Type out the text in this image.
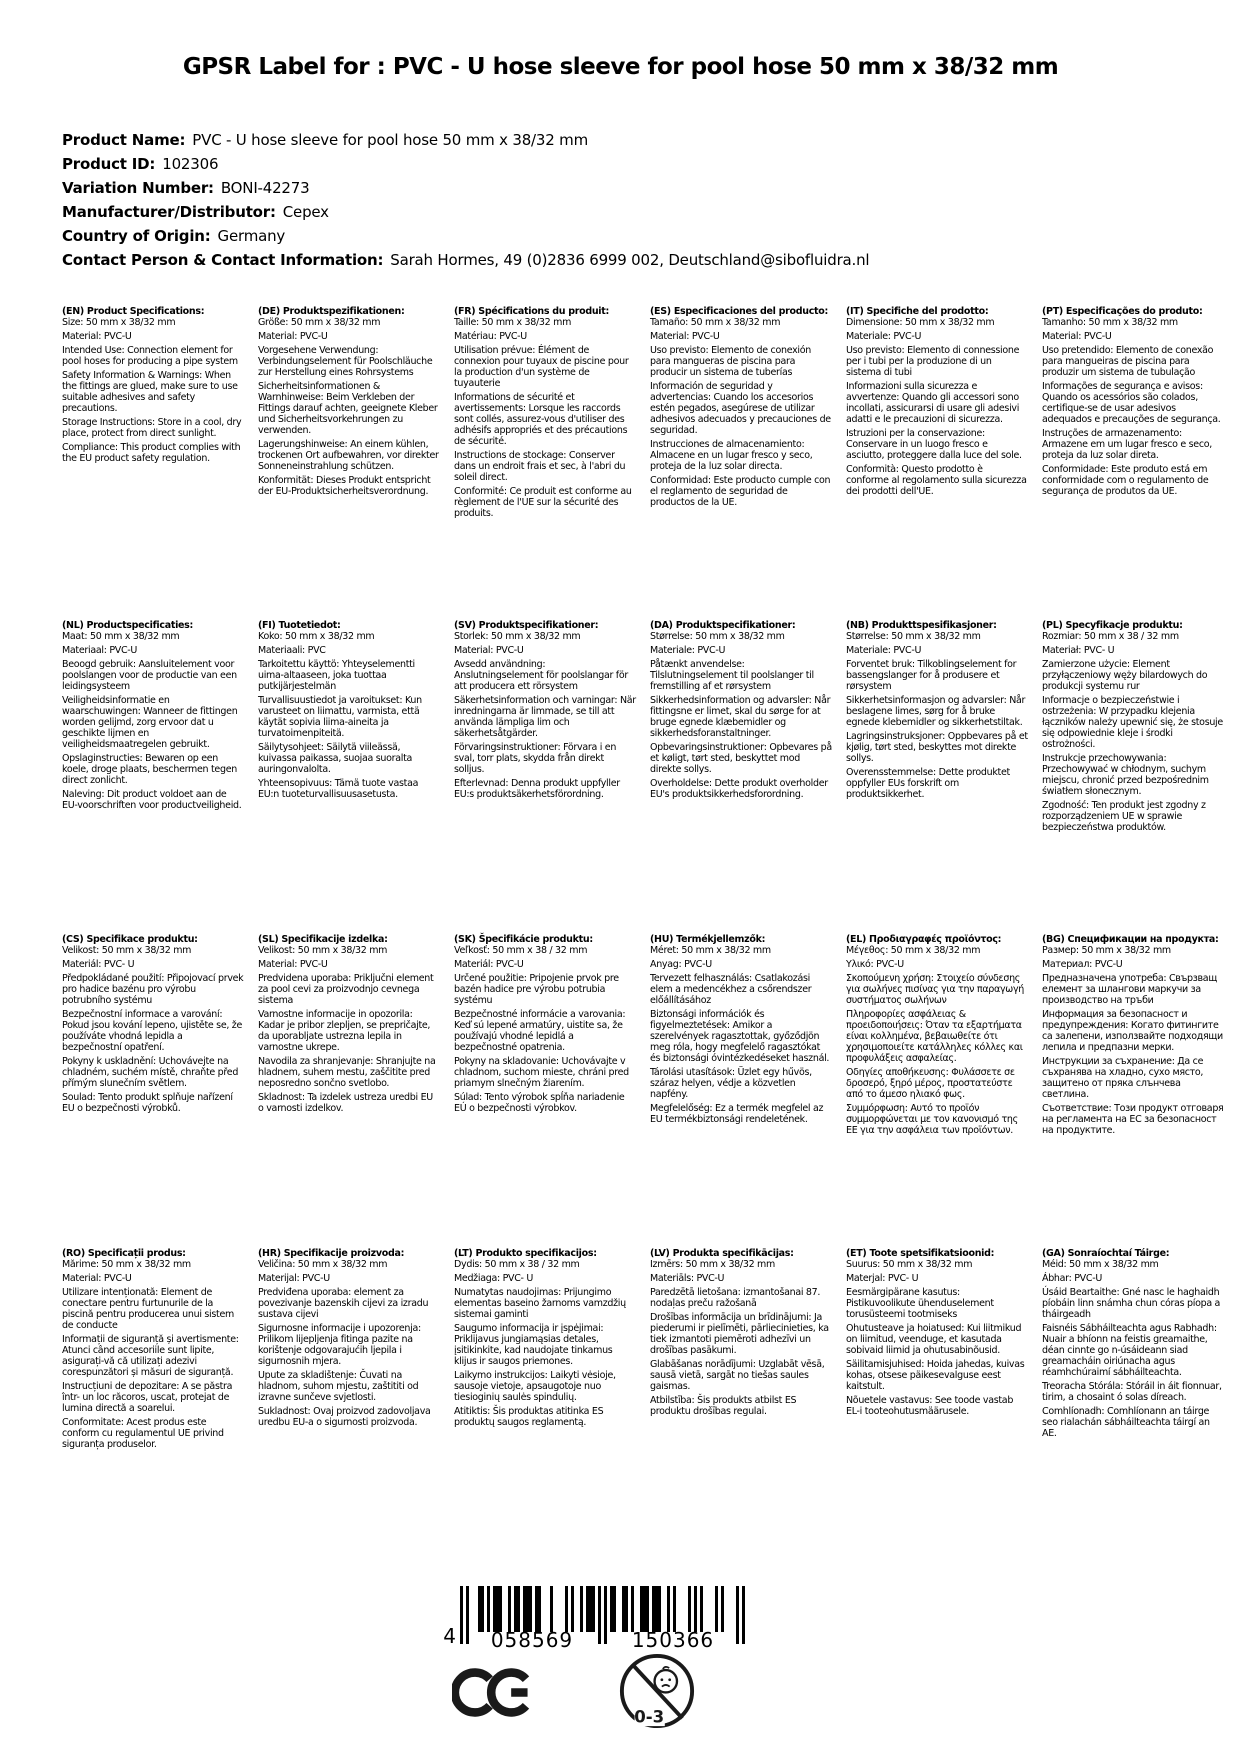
GPSR Label for : PVC - U hose sleeve for pool hose 50 mm x 38/32 mm
Product Name: PVC - U hose sleeve for pool hose 50 mm x 38/32 mm
Product ID: 102306
Variation Number: BONI-42273
Manufacturer/Distributor: Cepex
Country of Origin: Germany
Contact Person & Contact Information: Sarah Hormes, 49 (0)2836 6999 002, Deutschland@sibofluidra.nl
(EN) Product Specifications:

Size: 50 mm x 38/32 mm

Material: PVC-U

Intended Use: Connection element for pool hoses for producing a pipe system

Safety Information & Warnings: When the fittings are glued, make sure to use suitable adhesives and safety precautions.

Storage Instructions: Store in a cool, dry place, protect from direct sunlight.

Compliance: This product complies with the EU product safety regulation.

(DE) Produktspezifikationen:

Größe: 50 mm x 38/32 mm

Material: PVC-U

Vorgesehene Verwendung: Verbindungselement für Poolschläuche zur Herstellung eines Rohrsystems

Sicherheitsinformationen & Warnhinweise: Beim Verkleben der Fittings darauf achten, geeignete Kleber und Sicherheitsvorkehrungen zu verwenden.

Lagerungshinweise: An einem kühlen, trockenen Ort aufbewahren, vor direkter Sonneneinstrahlung schützen.

Konformität: Dieses Produkt entspricht der EU-Produktsicherheitsverordnung.

(FR) Spécifications du produit:

Taille: 50 mm x 38/32 mm

Matériau: PVC-U

Utilisation prévue: Élément de connexion pour tuyaux de piscine pour la production d'un système de tuyauterie

Informations de sécurité et avertissements: Lorsque les raccords sont collés, assurez-vous d'utiliser des adhésifs appropriés et des précautions de sécurité.

Instructions de stockage: Conserver dans un endroit frais et sec, à l'abri du soleil direct.

Conformité: Ce produit est conforme au règlement de l'UE sur la sécurité des produits.

(ES) Especificaciones del producto:

Tamaño: 50 mm x 38/32 mm

Material: PVC-U

Uso previsto: Elemento de conexión para mangueras de piscina para producir un sistema de tuberías

Información de seguridad y advertencias: Cuando los accesorios estén pegados, asegúrese de utilizar adhesivos adecuados y precauciones de seguridad.

Instrucciones de almacenamiento: Almacene en un lugar fresco y seco, proteja de la luz solar directa.

Conformidad: Este producto cumple con el reglamento de seguridad de productos de la UE.

(IT) Specifiche del prodotto:

Dimensione: 50 mm x 38/32 mm

Materiale: PVC-U

Uso previsto: Elemento di connessione per i tubi per la produzione di un sistema di tubi

Informazioni sulla sicurezza e avvertenze: Quando gli accessori sono incollati, assicurarsi di usare gli adesivi adatti e le precauzioni di sicurezza.

Istruzioni per la conservazione: Conservare in un luogo fresco e asciutto, proteggere dalla luce del sole.

Conformità: Questo prodotto è conforme al regolamento sulla sicurezza dei prodotti dell'UE.

(PT) Especificações do produto:

Tamanho: 50 mm x 38/32 mm

Material: PVC-U

Uso pretendido: Elemento de conexão para mangueiras de piscina para produzir um sistema de tubulação

Informações de segurança e avisos: Quando os acessórios são colados, certifique-se de usar adesivos adequados e precauções de segurança.

Instruções de armazenamento: Armazene em um lugar fresco e seco, proteja da luz solar direta.

Conformidade: Este produto está em conformidade com o regulamento de segurança de produtos da UE.

(NL) Productspecificaties:

Maat: 50 mm x 38/32 mm

Materiaal: PVC-U

Beoogd gebruik: Aansluitelement voor poolslangen voor de productie van een leidingsysteem

Veiligheidsinformatie en waarschuwingen: Wanneer de fittingen worden gelijmd, zorg ervoor dat u geschikte lijmen en veiligheidsmaatregelen gebruikt.

Opslaginstructies: Bewaren op een koele, droge plaats, beschermen tegen direct zonlicht.

Naleving: Dit product voldoet aan de EU-voorschriften voor productveiligheid.

(FI) Tuotetiedot:

Koko: 50 mm x 38/32 mm

Materiaali: PVC

Tarkoitettu käyttö: Yhteyselementti uima-altaaseen, joka tuottaa putkijärjestelmän

Turvallisuustiedot ja varoitukset: Kun varusteet on liimattu, varmista, että käytät sopivia liima-aineita ja turvatoimenpiteitä.

Säilytysohjeet: Säilytä viileässä, kuivassa paikassa, suojaa suoralta auringonvalolta.

Yhteensopivuus: Tämä tuote vastaa EU:n tuoteturvallisuusasetusta.

(SV) Produktspecifikationer:

Storlek: 50 mm x 38/32 mm

Material: PVC-U

Avsedd användning: Anslutningselement för poolslangar för att producera ett rörsystem

Säkerhetsinformation och varningar: När inredningarna är limmade, se till att använda lämpliga lim och säkerhetsåtgärder.

Förvaringsinstruktioner: Förvara i en sval, torr plats, skydda från direkt solljus.

Efterlevnad: Denna produkt uppfyller EU:s produktsäkerhetsförordning.

(DA) Produktspecifikationer:

Størrelse: 50 mm x 38/32 mm

Materiale: PVC-U

Påtænkt anvendelse: Tilslutningselement til poolslanger til fremstilling af et rørsystem

Sikkerhedsinformation og advarsler: Når fittingsne er limet, skal du sørge for at bruge egnede klæbemidler og sikkerhedsforanstaltninger.

Opbevaringsinstruktioner: Opbevares på et køligt, tørt sted, beskyttet mod direkte sollys.

Overholdelse: Dette produkt overholder EU's produktsikkerhedsforordning.

(NB) Produkttspesifikasjoner:

Størrelse: 50 mm x 38/32 mm

Materiale: PVC-U

Forventet bruk: Tilkoblingselement for bassengslanger for å produsere et rørsystem

Sikkerhetsinformasjon og advarsler: Når beslagene limes, sørg for å bruke egnede klebemidler og sikkerhetstiltak.

Lagringsinstruksjoner: Oppbevares på et kjølig, tørt sted, beskyttes mot direkte sollys.

Overensstemmelse: Dette produktet oppfyller EUs forskrift om produktsikkerhet.

(PL) Specyfikacje produktu:

Rozmiar: 50 mm x 38 / 32 mm

Materiał: PVC- U

Zamierzone użycie: Element przyłączeniowy węży bilardowych do produkcji systemu rur

Informacje o bezpieczeństwie i ostrzeżenia: W przypadku klejenia łączników należy upewnić się, że stosuje się odpowiednie kleje i środki ostrożności.

Instrukcje przechowywania: Przechowywać w chłodnym, suchym miejscu, chronić przed bezpośrednim światłem słonecznym.

Zgodność: Ten produkt jest zgodny z rozporządzeniem UE w sprawie bezpieczeństwa produktów.

(CS) Specifikace produktu:

Velikost: 50 mm x 38/32 mm

Materiál: PVC- U

Předpokládané použití: Připojovací prvek pro hadice bazénu pro výrobu potrubního systému

Bezpečnostní informace a varování: Pokud jsou kování lepeno, ujistěte se, že používáte vhodná lepidla a bezpečnostní opatření.

Pokyny k uskladnění: Uchovávejte na chladném, suchém místě, chraňte před přímým slunečním světlem.

Soulad: Tento produkt splňuje nařízení EU o bezpečnosti výrobků.

(SL) Specifikacije izdelka:

Velikost: 50 mm x 38/32 mm

Material: PVC-U

Predvidena uporaba: Priključni element za pool cevi za proizvodnjo cevnega sistema

Varnostne informacije in opozorila: Kadar je pribor zlepljen, se prepričajte, da uporabljate ustrezna lepila in varnostne ukrepe.

Navodila za shranjevanje: Shranjujte na hladnem, suhem mestu, zaščitite pred neposredno sončno svetlobo.

Skladnost: Ta izdelek ustreza uredbi EU o varnosti izdelkov.

(SK) Špecifikácie produktu:

Veľkosť: 50 mm x 38 / 32 mm

Materiál: PVC-U

Určené použitie: Pripojenie prvok pre bazén hadice pre výrobu potrubia systému

Bezpečnostné informácie a varovania: Keď sú lepené armatúry, uistite sa, že používajú vhodné lepidlá a bezpečnostné opatrenia.

Pokyny na skladovanie: Uchovávajte v chladnom, suchom mieste, chráni pred priamym slnečným žiarením.

Súlad: Tento výrobok spĺňa nariadenie EÚ o bezpečnosti výrobkov.

(HU) Termékjellemzők:

Méret: 50 mm x 38/32 mm

Anyag: PVC-U

Tervezett felhasználás: Csatlakozási elem a medencékhez a csőrendszer előállításához

Biztonsági információk és figyelmeztetések: Amikor a szerelvények ragasztottak, győződjön meg róla, hogy megfelelő ragasztókat és biztonsági óvintézkedéseket használ.

Tárolási utasítások: Üzlet egy hűvös, száraz helyen, védje a közvetlen napfény.

Megfelelőség: Ez a termék megfelel az EU termékbiztonsági rendeletének.

(EL) Προδιαγραφές προϊόντος:

Μέγεθος: 50 mm x 38/32 mm

Υλικό: PVC-U

Σκοπούμενη χρήση: Στοιχείο σύνδεσης για σωλήνες πισίνας για την παραγωγή συστήματος σωλήνων

Πληροφορίες ασφάλειας & προειδοποιήσεις: Όταν τα εξαρτήματα είναι κολλημένα, βεβαιωθείτε ότι χρησιμοποιείτε κατάλληλες κόλλες και προφυλάξεις ασφαλείας.

Οδηγίες αποθήκευσης: Φυλάσσετε σε δροσερό, ξηρό μέρος, προστατεύστε από το άμεσο ηλιακό φως.

Συμμόρφωση: Αυτό το προϊόν συμμορφώνεται με τον κανονισμό της ΕΕ για την ασφάλεια των προϊόντων.

(BG) Спецификации на продукта:

Размер: 50 mm x 38/32 mm

Материал: PVC-U

Предназначена употреба: Свързващ елемент за шлангови маркучи за производство на тръби

Информация за безопасност и предупреждения: Когато фитингите са залепени, използвайте подходящи лепила и предпазни мерки.

Инструкции за съхранение: Да се съхранява на хладно, сухо място, защитено от пряка слънчева светлина.

Съответствие: Този продукт отговаря на регламента на ЕС за безопасност на продуктите.

(RO) Specificații produs:

Mărime: 50 mm x 38/32 mm

Material: PVC-U

Utilizare intenționată: Element de conectare pentru furtunurile de la piscină pentru producerea unui sistem de conducte

Informații de siguranță și avertismente: Atunci când accesoriile sunt lipite, asigurați-vă că utilizați adezivi corespunzători și măsuri de siguranță.

Instrucțiuni de depozitare: A se păstra într- un loc răcoros, uscat, protejat de lumina directă a soarelui.

Conformitate: Acest produs este conform cu regulamentul UE privind siguranța produselor.

(HR) Specifikacije proizvoda:

Veličina: 50 mm x 38/32 mm

Materijal: PVC-U

Predviđena uporaba: element za povezivanje bazenskih cijevi za izradu sustava cijevi

Sigurnosne informacije i upozorenja: Prilikom lijepljenja fitinga pazite na korištenje odgovarajućih ljepila i sigurnosnih mjera.

Upute za skladištenje: Čuvati na hladnom, suhom mjestu, zaštititi od izravne sunčeve svjetlosti.

Sukladnost: Ovaj proizvod zadovoljava uredbu EU-a o sigurnosti proizvoda.

(LT) Produkto specifikacijos:

Dydis: 50 mm x 38 / 32 mm

Medžiaga: PVC- U

Numatytas naudojimas: Prijungimo elementas baseino žarnoms vamzdžių sistemai gaminti

Saugumo informacija ir įspėjimai: Priklijavus jungiamąsias detales, įsitikinkite, kad naudojate tinkamus klijus ir saugos priemones.

Laikymo instrukcijos: Laikyti vėsioje, sausoje vietoje, apsaugotoje nuo tiesioginių saulės spindulių.

Atitiktis: Šis produktas atitinka ES produktų saugos reglamentą.

(LV) Produkta specifikācijas:

Izmērs: 50 mm x 38/32 mm

Materiāls: PVC-U

Paredzētā lietošana: izmantošanai 87. nodaļas preču ražošanā

Drošības informācija un brīdinājumi: Ja piederumi ir pielīmēti, pārliecinieties, ka tiek izmantoti piemēroti adhezīvi un drošības pasākumi.

Glabāšanas norādījumi: Uzglabāt vēsā, sausā vietā, sargāt no tiešas saules gaismas.

Atbilstība: Šis produkts atbilst ES produktu drošības regulai.

(ET) Toote spetsifikatsioonid:

Suurus: 50 mm x 38/32 mm

Materjal: PVC- U

Eesmärgipärane kasutus: Pistikuvoolikute ühenduselement torusüsteemi tootmiseks

Ohutusteave ja hoiatused: Kui liitmikud on liimitud, veenduge, et kasutada sobivaid liimid ja ohutusabinõusid.

Säilitamisjuhised: Hoida jahedas, kuivas kohas, otsese päikesevalguse eest kaitstult.

Nõuetele vastavus: See toode vastab EL-i tooteohutusmäärusele.

(GA) Sonraíochtaí Táirge:

Méid: 50 mm x 38/32 mm

Ábhar: PVC-U

Úsáid Beartaithe: Gné nasc le haghaidh píobáin linn snámha chun córas píopa a tháirgeadh

Faisnéis Sábháilteachta agus Rabhadh: Nuair a bhíonn na feistis greamaithe, déan cinnte go n-úsáideann siad greamacháin oiriúnacha agus réamhchúraimí sábháilteachta.

Treoracha Stórála: Stóráil in áit fionnuar, tirim, a chosaint ó solas díreach.

Comhlíonadh: Comhlíonann an táirge seo rialachán sábháilteachta táirgí an AE.

4	058569	150366
0-3
